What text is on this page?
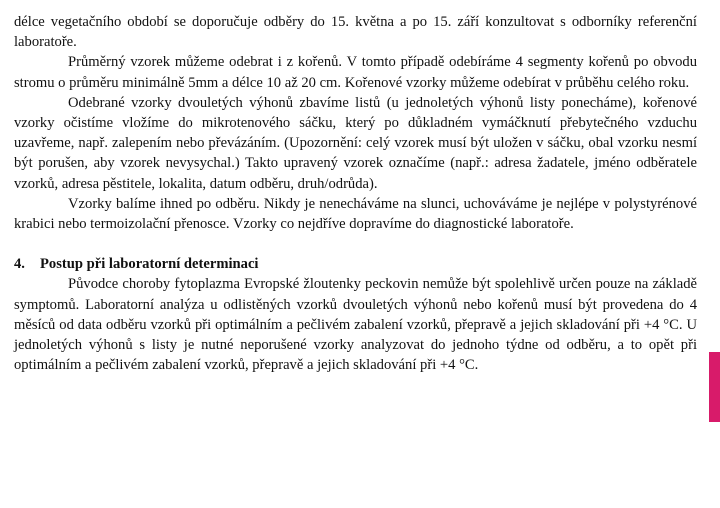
délce vegetačního období se doporučuje odběry do 15. května a po 15. září konzultovat s odborníky referenční laboratoře.

Průměrný vzorek můžeme odebrat i z kořenů. V tomto případě odebíráme 4 segmenty kořenů po obvodu stromu o průměru minimálně 5mm a délce 10 až 20 cm. Kořenové vzorky můžeme odebírat v průběhu celého roku.

Odebrané vzorky dvouletých výhonů zbavíme listů (u jednoletých výhonů listy ponecháme), kořenové vzorky očistíme vložíme do mikrotenového sáčku, který po důkladném vymáčknutí přebytečného vzduchu uzavřeme, např. zalepením nebo převázáním. (Upozornění: celý vzorek musí být uložen v sáčku, obal vzorku nesmí být porušen, aby vzorek nevysychal.) Takto upravený vzorek označíme (např.: adresa žadatele, jméno odběratele vzorků, adresa pěstitele, lokalita, datum odběru, druh/odrůda).

Vzorky balíme ihned po odběru. Nikdy je nenecháváme na slunci, uchováváme je nejlépe v polystyrénové krabici nebo termoizolační přenosce. Vzorky co nejdříve dopravíme do diagnostické laboratoře.

4. Postup při laboratorní determinaci

Původce choroby fytoplazma Evropské žloutenky peckovin nemůže být spolehlivě určen pouze na základě symptomů. Laboratorní analýza u odlistěných vzorků dvouletých výhonů nebo kořenů musí být provedena do 4 měsíců od data odběru vzorků při optimálním a pečlivém zabalení vzorků, přepravě a jejich skladování při +4 °C. U jednoletých výhonů s listy je nutné neporušené vzorky analyzovat do jednoho týdne od odběru, a to opět při optimálním a pečlivém zabalení vzorků, přepravě a jejich skladování při +4 °C.
